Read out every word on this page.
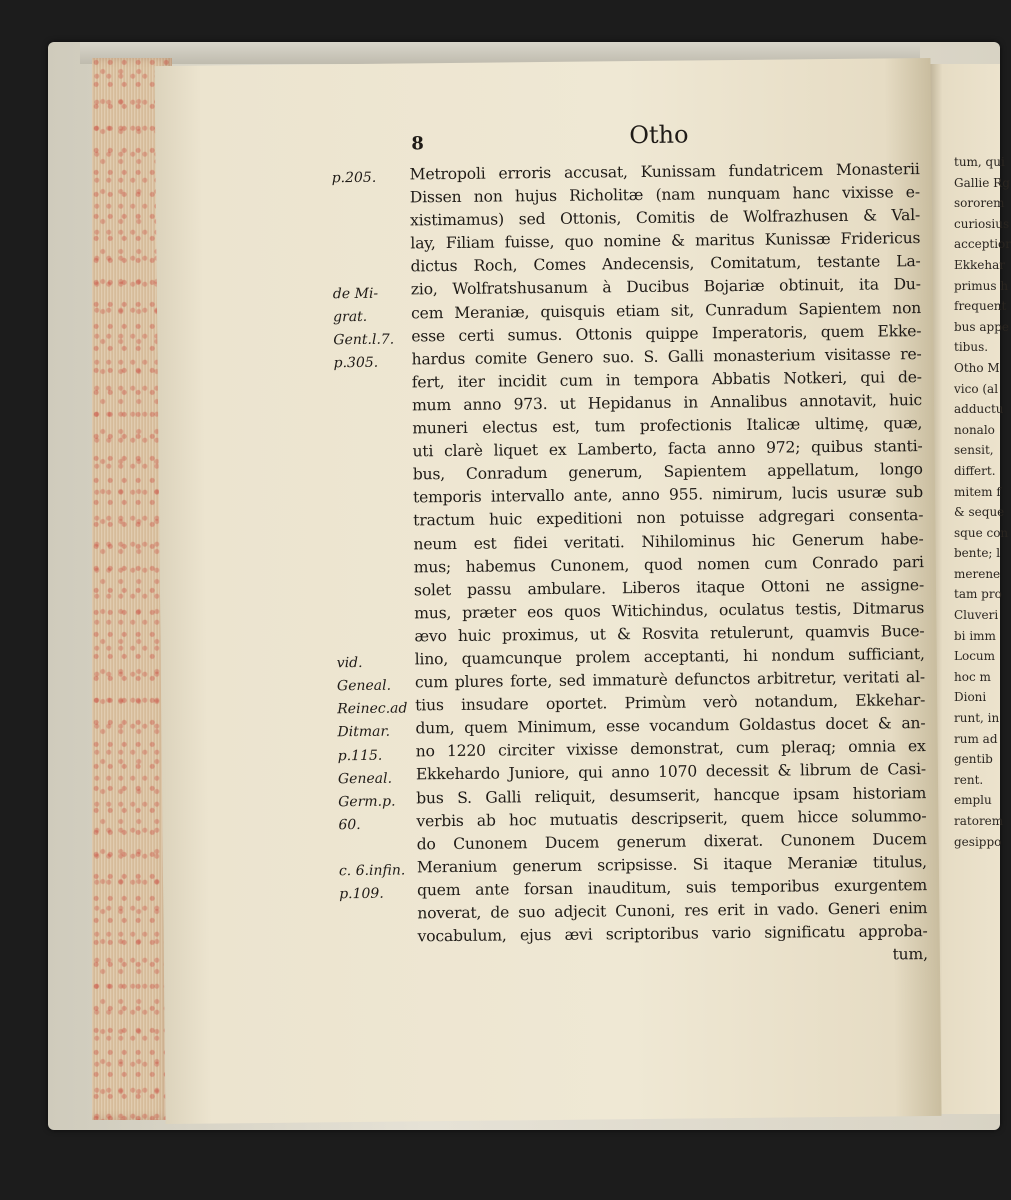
tum, qui
Gallie Rg
sororem
curiosius
acceptior
Ekkehar
primus h
frequent
bus appe
tibus.
Otho M
vico (al
adductu
nonalo
sensit,
differt.
mitem f
& seque
sque con
bente; l
merene
tam pro
Cluveri
bi imm
Locum
hoc m
Dioni
runt, in
rum ad
gentib
rent.
emplu
ratorem
gesippo
8	Otho
Metropoli erroris accusat, Kunissam fundatricem Monasterii
Dissen non hujus Richolitæ (nam nunquam hanc vixisse e-
xistimamus) sed Ottonis, Comitis de Wolfrazhusen & Val-
lay, Filiam fuisse, quo nomine & maritus Kunissæ Fridericus
dictus Roch, Comes Andecensis, Comitatum, testante La-
zio, Wolfratshusanum à Ducibus Bojariæ obtinuit, ita Du-
cem Meraniæ, quisquis etiam sit, Cunradum Sapientem non
esse certi sumus. Ottonis quippe Imperatoris, quem Ekke-
hardus comite Genero suo. S. Galli monasterium visitasse re-
fert, iter incidit cum in tempora Abbatis Notkeri, qui de-
mum anno 973. ut Hepidanus in Annalibus annotavit, huic
muneri electus est, tum profectionis Italicæ ultimę, quæ,
uti clarè liquet ex Lamberto, facta anno 972; quibus stanti-
bus, Conradum generum, Sapientem appellatum, longo
temporis intervallo ante, anno 955. nimirum, lucis usuræ sub
tractum huic expeditioni non potuisse adgregari consenta-
neum est fidei veritati. Nihilominus hic Generum habe-
mus; habemus Cunonem, quod nomen cum Conrado pari
solet passu ambulare. Liberos itaque Ottoni ne assigne-
mus, præter eos quos Witichindus, oculatus testis, Ditmarus
ævo huic proximus, ut & Rosvita retulerunt, quamvis Buce-
lino, quamcunque prolem acceptanti, hi nondum sufficiant,
cum plures forte, sed immaturè defunctos arbitretur, veritati al-
tius insudare oportet. Primùm verò notandum, Ekkehar-
dum, quem Minimum, esse vocandum Goldastus docet & an-
no 1220 circiter vixisse demonstrat, cum pleraq; omnia ex
Ekkehardo Juniore, qui anno 1070 decessit & librum de Casi-
bus S. Galli reliquit, desumserit, hancque ipsam historiam
verbis ab hoc mutuatis descripserit, quem hicce solummo-
do Cunonem Ducem generum dixerat. Cunonem Ducem
Meranium generum scripsisse. Si itaque Meraniæ titulus,
quem ante forsan inauditum, suis temporibus exurgentem
noverat, de suo adjecit Cunoni, res erit in vado. Generi enim
vocabulum, ejus ævi scriptoribus vario significatu approba-
tum,
p.205.
de Mi-
grat.
Gent.l.7.
p.305.
vid.
Geneal.
Reinec.ad
Ditmar.
p.115.
Geneal.
Germ.p.
60.
c. 6.infin.
p.109.
